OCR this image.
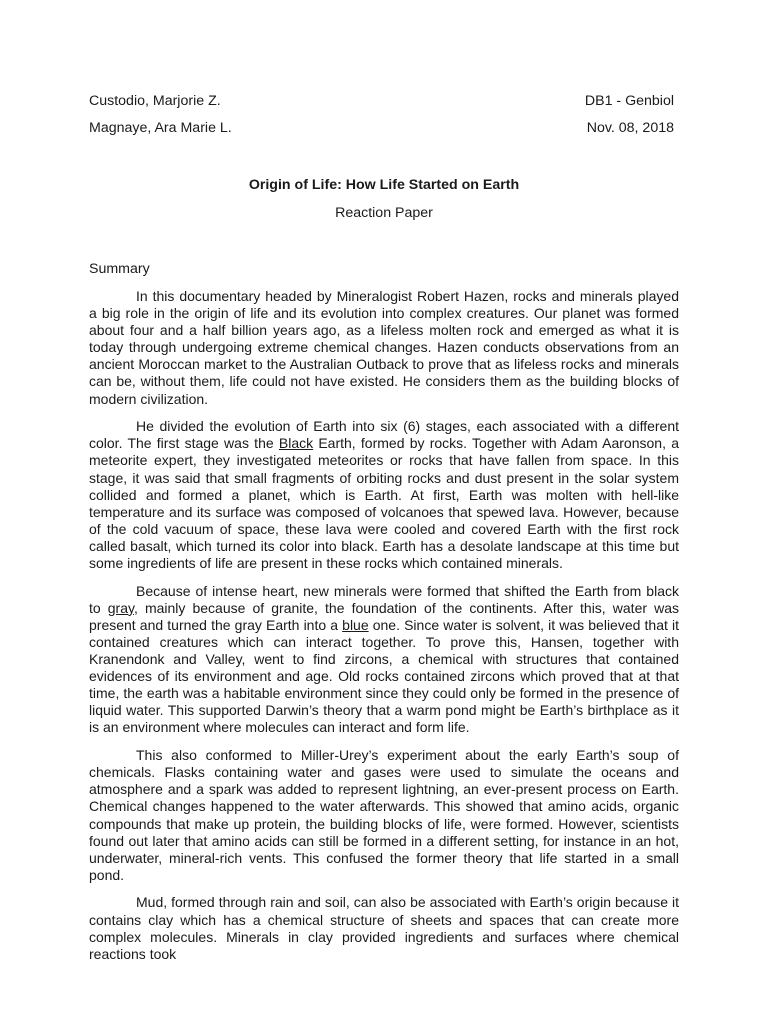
Custodio, Marjorie Z.	DB1 - Genbiol
Magnaye, Ara Marie L.	Nov. 08, 2018
Origin of Life: How Life Started on Earth
Reaction Paper
Summary

In this documentary headed by Mineralogist Robert Hazen, rocks and minerals played a big role in the origin of life and its evolution into complex creatures. Our planet was formed about four and a half billion years ago, as a lifeless molten rock and emerged as what it is today through undergoing extreme chemical changes. Hazen conducts observations from an ancient Moroccan market to the Australian Outback to prove that as lifeless rocks and minerals can be, without them, life could not have existed. He considers them as the building blocks of modern civilization.

He divided the evolution of Earth into six (6) stages, each associated with a different color. The first stage was the Black Earth, formed by rocks. Together with Adam Aaronson, a meteorite expert, they investigated meteorites or rocks that have fallen from space. In this stage, it was said that small fragments of orbiting rocks and dust present in the solar system collided and formed a planet, which is Earth. At first, Earth was molten with hell-like temperature and its surface was composed of volcanoes that spewed lava. However, because of the cold vacuum of space, these lava were cooled and covered Earth with the first rock called basalt, which turned its color into black. Earth has a desolate landscape at this time but some ingredients of life are present in these rocks which contained minerals.

Because of intense heart, new minerals were formed that shifted the Earth from black to gray, mainly because of granite, the foundation of the continents. After this, water was present and turned the gray Earth into a blue one. Since water is solvent, it was believed that it contained creatures which can interact together. To prove this, Hansen, together with Kranendonk and Valley, went to find zircons, a chemical with structures that contained evidences of its environment and age. Old rocks contained zircons which proved that at that time, the earth was a habitable environment since they could only be formed in the presence of liquid water. This supported Darwin’s theory that a warm pond might be Earth’s birthplace as it is an environment where molecules can interact and form life.

This also conformed to Miller-Urey’s experiment about the early Earth’s soup of chemicals. Flasks containing water and gases were used to simulate the oceans and atmosphere and a spark was added to represent lightning, an ever-present process on Earth. Chemical changes happened to the water afterwards. This showed that amino acids, organic compounds that make up protein, the building blocks of life, were formed. However, scientists found out later that amino acids can still be formed in a different setting, for instance in an hot, underwater, mineral-rich vents. This confused the former theory that life started in a small pond.

Mud, formed through rain and soil, can also be associated with Earth’s origin because it contains clay which has a chemical structure of sheets and spaces that can create more complex molecules. Minerals in clay provided ingredients and surfaces where chemical reactions took
